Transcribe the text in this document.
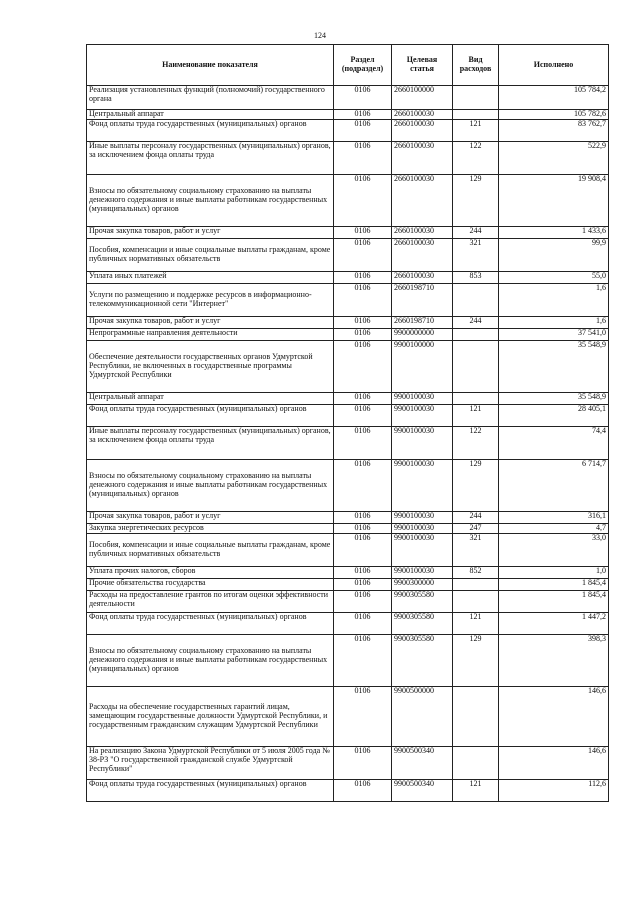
124
Наименование показателя	Раздел (подраздел)	Целевая статья	Вид расходов	Исполнено
Реализация установленных функций (полномочий) государственного органа	0106	2660100000		105 784,2
Центральный аппарат	0106	2660100030		105 782,6
Фонд оплаты труда государственных (муниципальных) органов	0106	2660100030	121	83 762,7
Иные выплаты персоналу государственных (муниципальных) органов, за исключением фонда оплаты труда	0106	2660100030	122	522,9
Взносы по обязательному социальному страхованию на выплаты денежного содержания и иные выплаты работникам государственных (муниципальных) органов	0106	2660100030	129	19 908,4
Прочая закупка товаров, работ и услуг	0106	2660100030	244	1 433,6
Пособия, компенсации и иные социальные выплаты гражданам, кроме публичных нормативных обязательств	0106	2660100030	321	99,9
Уплата иных платежей	0106	2660100030	853	55,0
Услуги по размещению и поддержке ресурсов в информационно-телекоммуникационной сети "Интернет"	0106	2660198710		1,6
Прочая закупка товаров, работ и услуг	0106	2660198710	244	1,6
Непрограммные направления деятельности	0106	9900000000		37 541,0
Обеспечение деятельности государственных органов Удмуртской Республики, не включенных в государственные программы Удмуртской Республики	0106	9900100000		35 548,9
Центральный аппарат	0106	9900100030		35 548,9
Фонд оплаты труда государственных (муниципальных) органов	0106	9900100030	121	28 405,1
Иные выплаты персоналу государственных (муниципальных) органов, за исключением фонда оплаты труда	0106	9900100030	122	74,4
Взносы по обязательному социальному страхованию на выплаты денежного содержания и иные выплаты работникам государственных (муниципальных) органов	0106	9900100030	129	6 714,7
Прочая закупка товаров, работ и услуг	0106	9900100030	244	316,1
Закупка энергетических ресурсов	0106	9900100030	247	4,7
Пособия, компенсации и иные социальные выплаты гражданам, кроме публичных нормативных обязательств	0106	9900100030	321	33,0
Уплата прочих налогов, сборов	0106	9900100030	852	1,0
Прочие обязательства государства	0106	9900300000		1 845,4
Расходы на предоставление грантов по итогам оценки эффективности деятельности	0106	9900305580		1 845,4
Фонд оплаты труда государственных (муниципальных) органов	0106	9900305580	121	1 447,2
Взносы по обязательному социальному страхованию на выплаты денежного содержания и иные выплаты работникам государственных (муниципальных) органов	0106	9900305580	129	398,3
Расходы на обеспечение государственных гарантий лицам, замещающим государственные должности Удмуртской Республики, и государственным гражданским служащим Удмуртской Республики	0106	9900500000		146,6
На реализацию Закона Удмуртской Республики от 5 июля 2005 года № 38-РЗ "О государственной гражданской службе Удмуртской Республики"	0106	9900500340		146,6
Фонд оплаты труда государственных (муниципальных) органов	0106	9900500340	121	112,6
